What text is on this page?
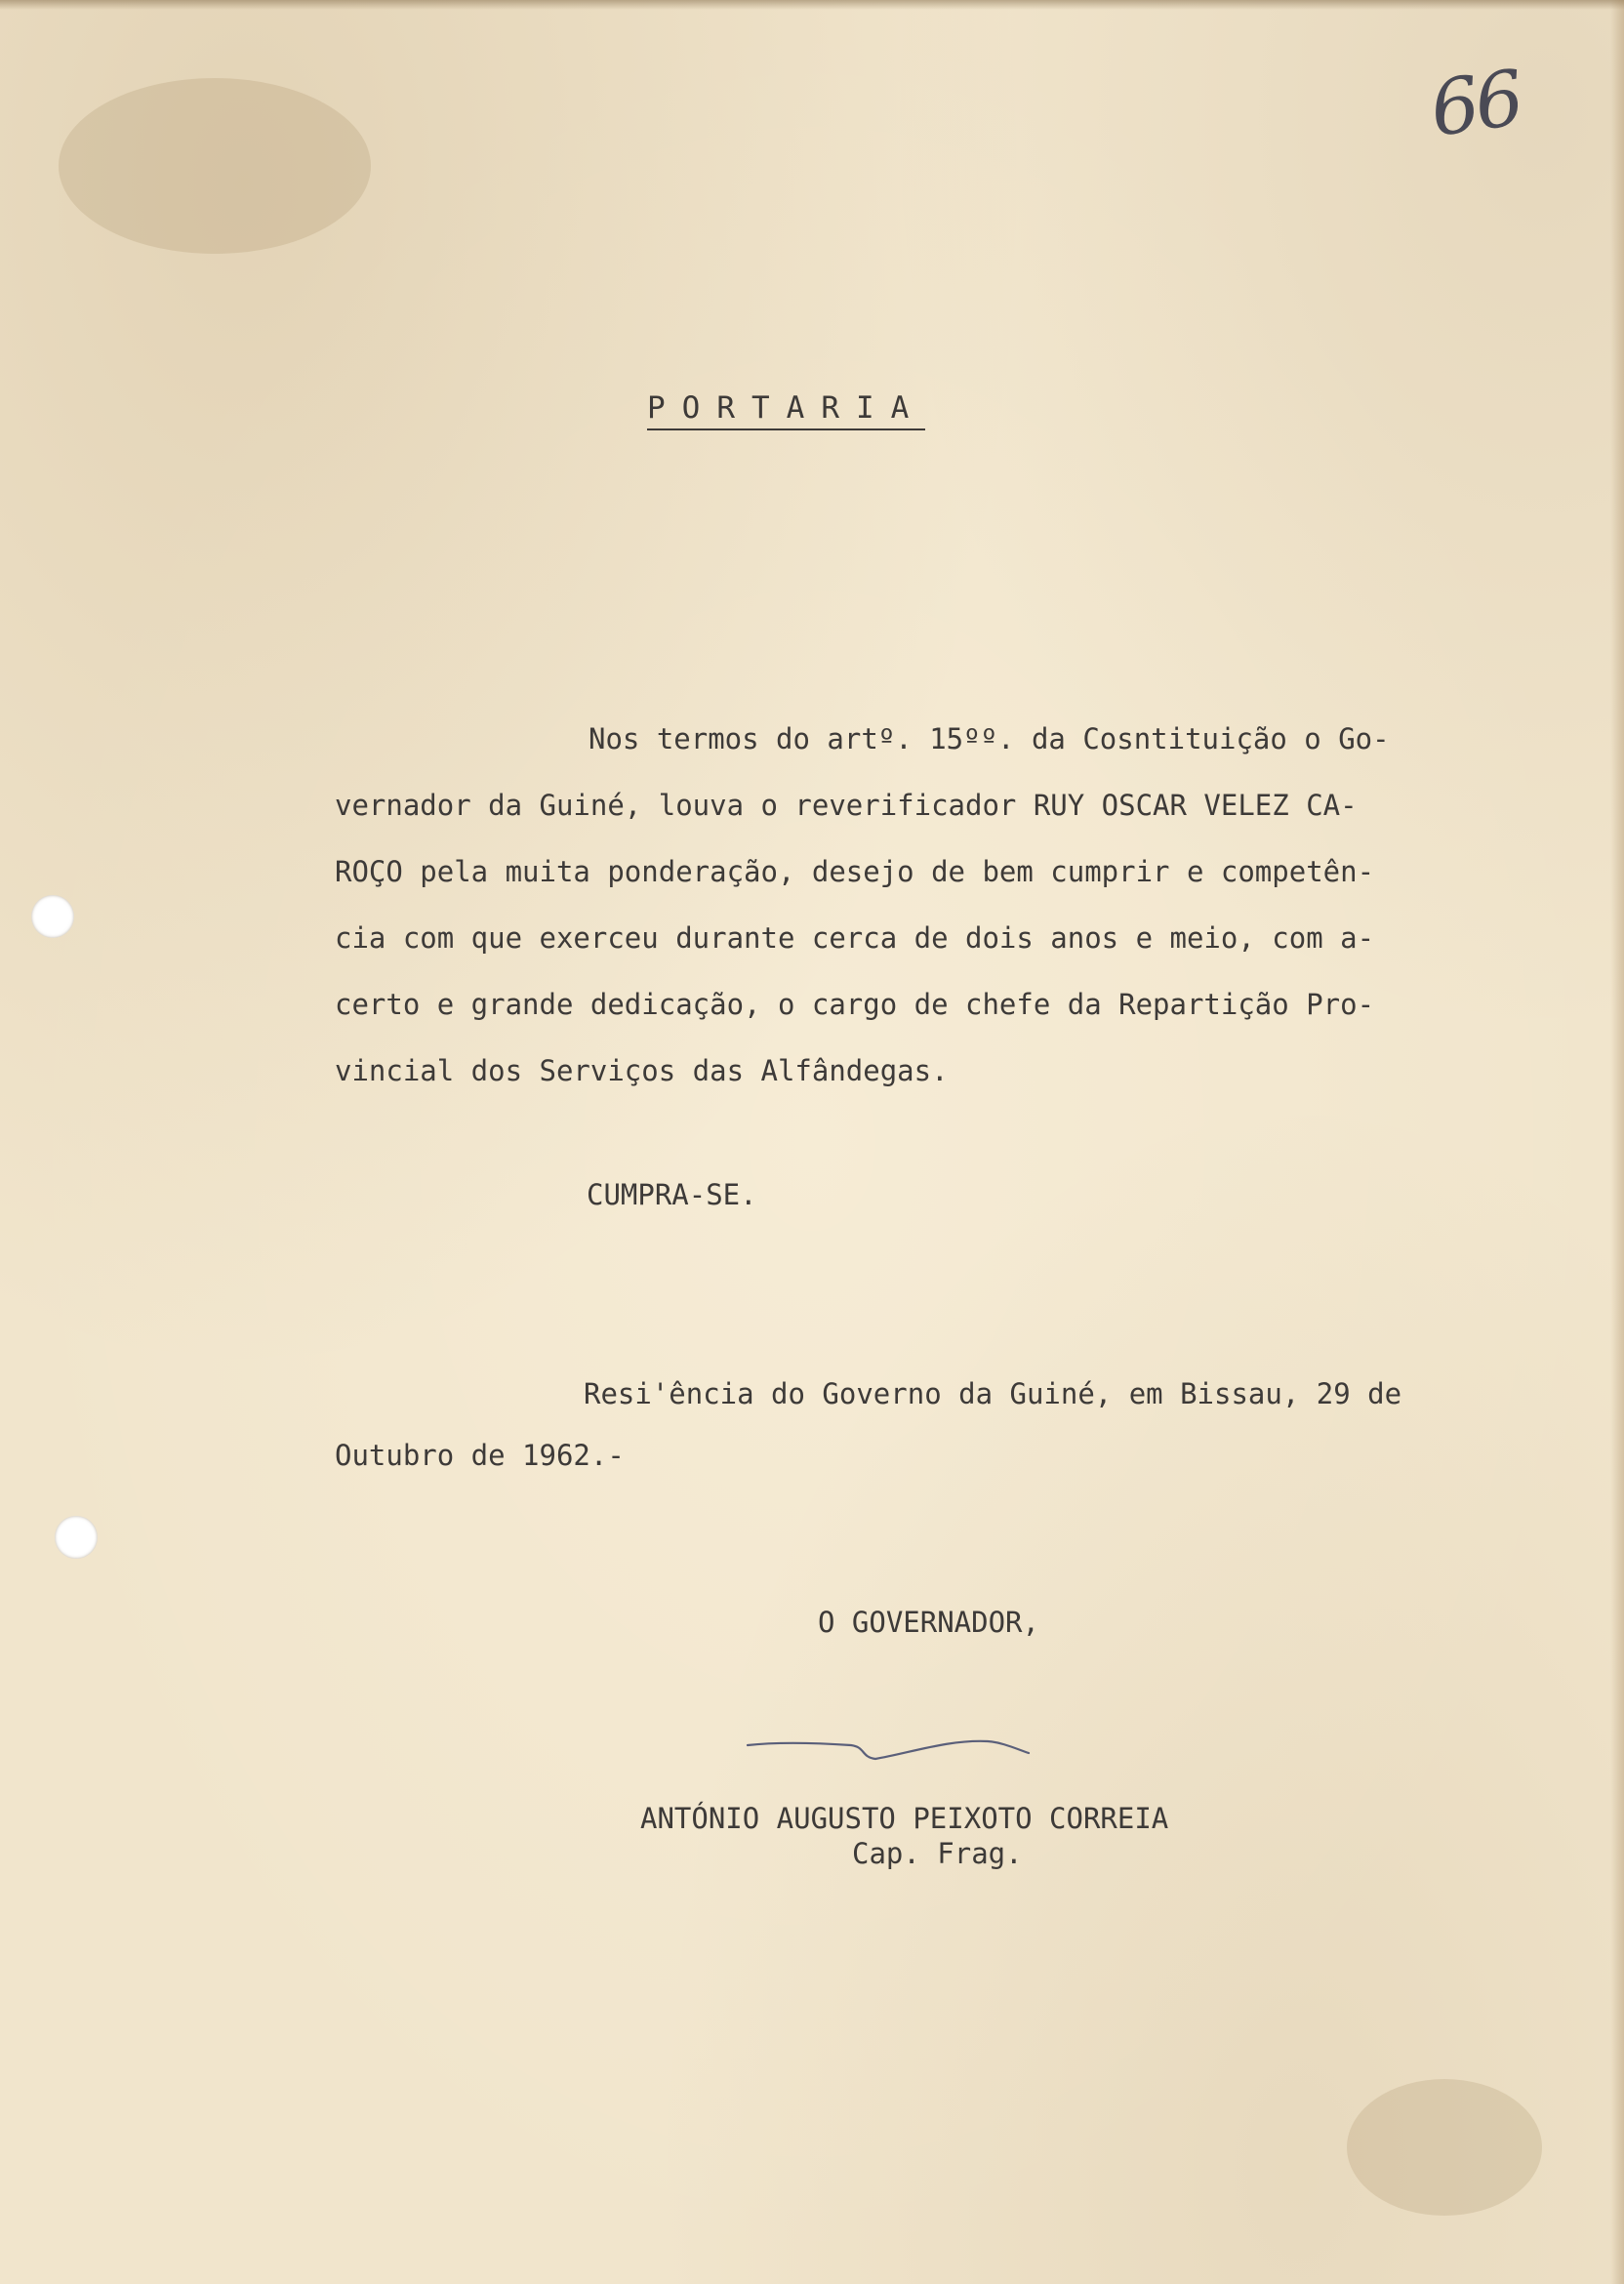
66

PORTARIA

Nos termos do artº. 15ºº. da Cosntituição o Go-

vernador da Guiné, louva o reverificador RUY OSCAR VELEZ CA-

ROÇO pela muita ponderação, desejo de bem cumprir e competên-

cia com que exerceu durante cerca de dois anos e meio, com a-

certo e grande dedicação, o cargo de chefe da Repartição Pro-

vincial dos Serviços das Alfândegas.

CUMPRA-SE.

Resi'ência do Governo da Guiné, em Bissau, 29 de

Outubro de 1962.-

O GOVERNADOR,

ANTÓNIO AUGUSTO PEIXOTO CORREIA

Cap. Frag.
